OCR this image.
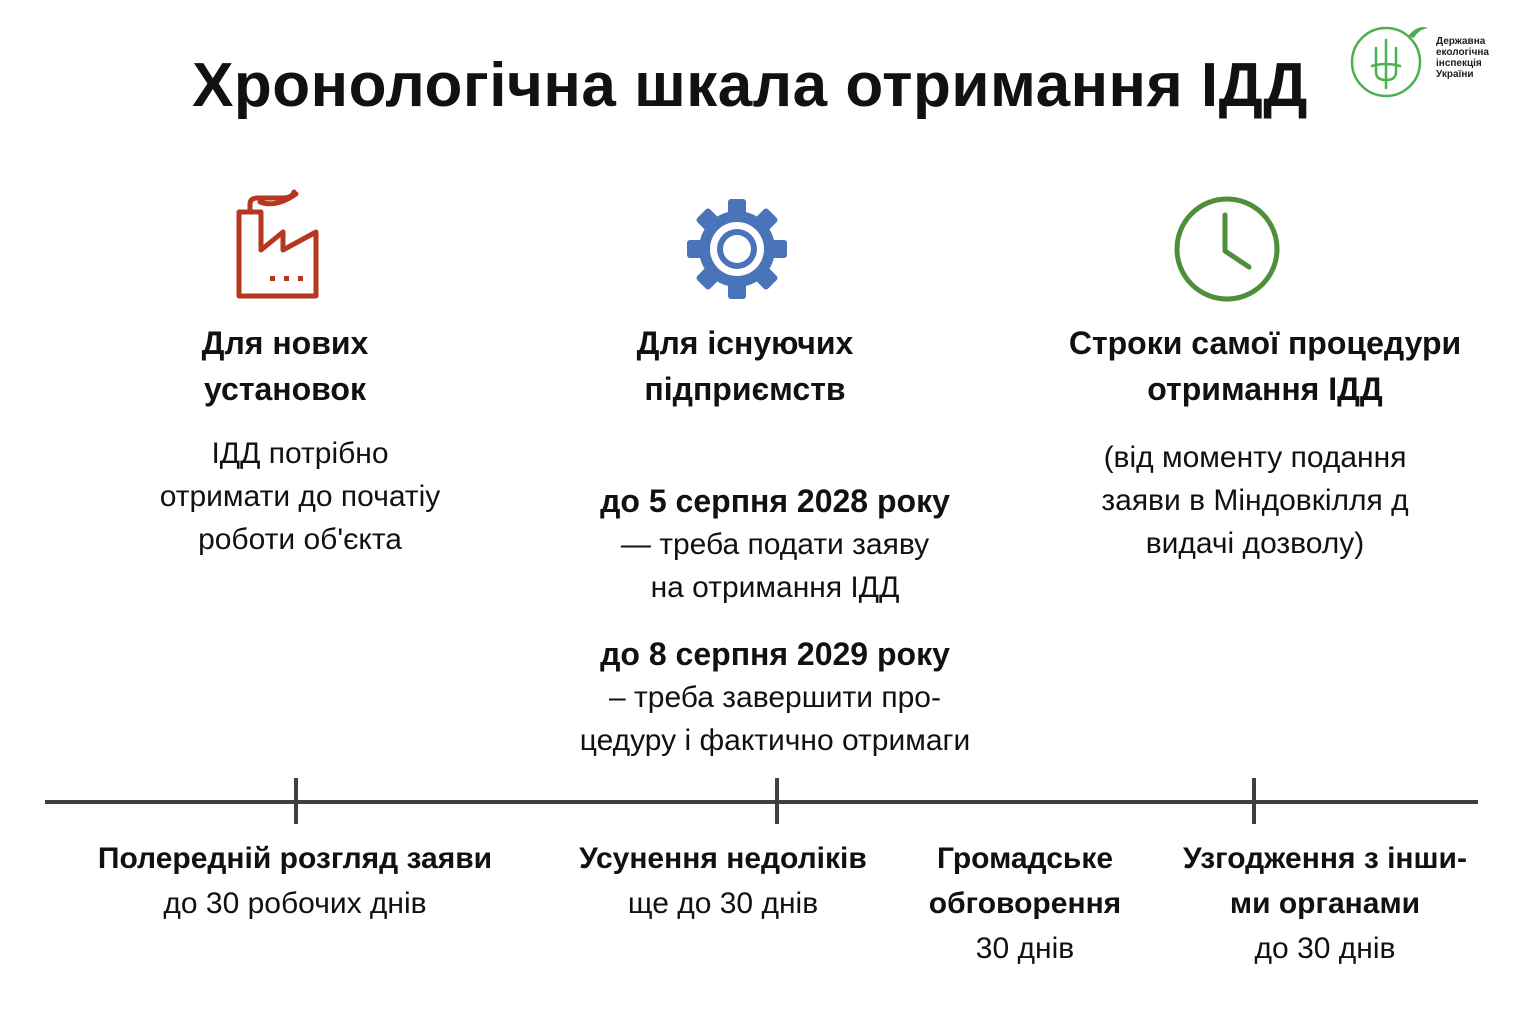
Хронологічна шкала отримання ІДД
Державна
екологічна
інспекція
України
Для нових
установок
ІДД потрібно
отримати до початіу
роботи об'єкта
Для існуючих
підприємств
до 5 серпня 2028 року
— треба подати заяву
на отримання ІДД
до 8 серпня 2029 року
– треба завершити про-
цедуру і фактично отримаги
Строки самої процедури
отримання ІДД
(від моменту подання
заяви в Міндовкілля д
видачі дозволу)
Полередній розгляд заяви
до 30 робочих днів
Усунення недоліків
ще до 30 днів
Громадське
обговорення
30 днів
Узгодження з інши-
ми органами
до 30 днів
